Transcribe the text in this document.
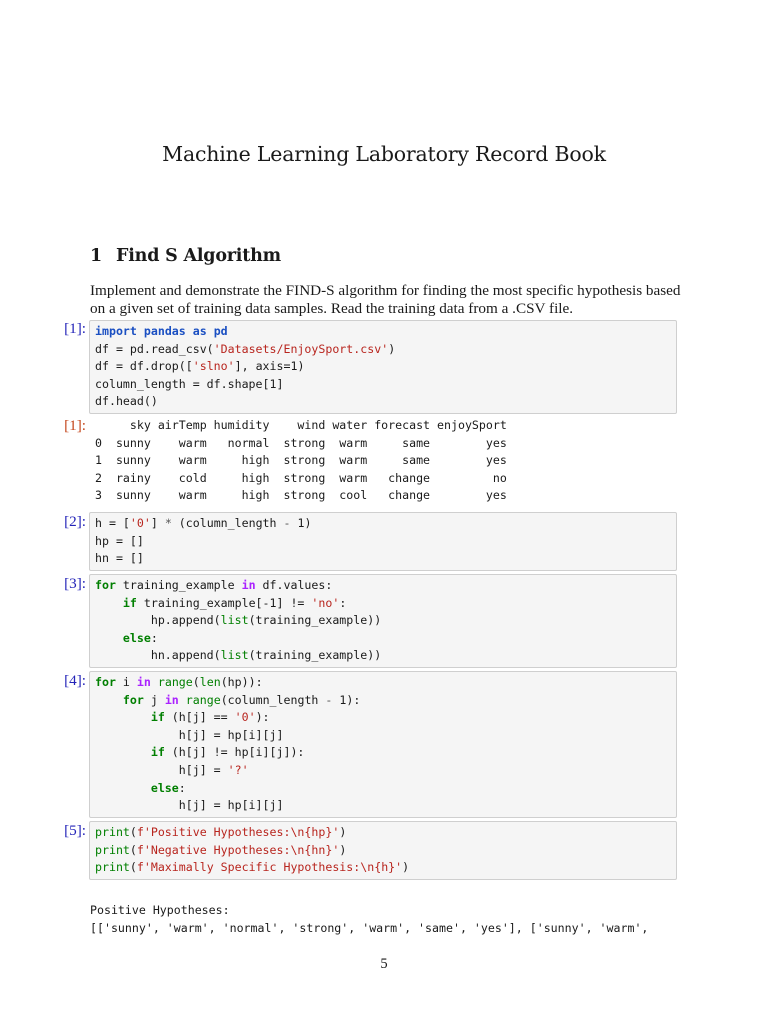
Machine Learning Laboratory Record Book
1 Find S Algorithm

Implement and demonstrate the FIND-S algorithm for finding the most specific hypothesis based

on a given set of training data samples. Read the training data from a .CSV file.

[1]: import pandas as pd
df = pd.read_csv('Datasets/EnjoySport.csv')
df = df.drop(['slno'], axis=1)
column_length = df.shape[1]
df.head()
[1]: sky airTemp humidity    wind water forecast enjoySport
0  sunny    warm   normal  strong  warm     same        yes
1  sunny    warm     high  strong  warm     same        yes
2  rainy    cold     high  strong  warm   change         no
3  sunny    warm     high  strong  cool   change        yes
[2]: h = ['0'] * (column_length - 1)
hp = []
hn = []
[3]: for training_example in df.values:
if training_example[-1] != 'no':
hp.append(list(training_example))
else:
hn.append(list(training_example))
[4]: for i in range(len(hp)):
for j in range(column_length - 1):
if (h[j] == '0'):
h[j] = hp[i][j]
if (h[j] != hp[i][j]):
h[j] = '?'
else:
h[j] = hp[i][j]
[5]: print(f'Positive Hypotheses:\n{hp}')
print(f'Negative Hypotheses:\n{hn}')
print(f'Maximally Specific Hypothesis:\n{h}')
Positive Hypotheses:
[['sunny', 'warm', 'normal', 'strong', 'warm', 'same', 'yes'], ['sunny', 'warm',
5
